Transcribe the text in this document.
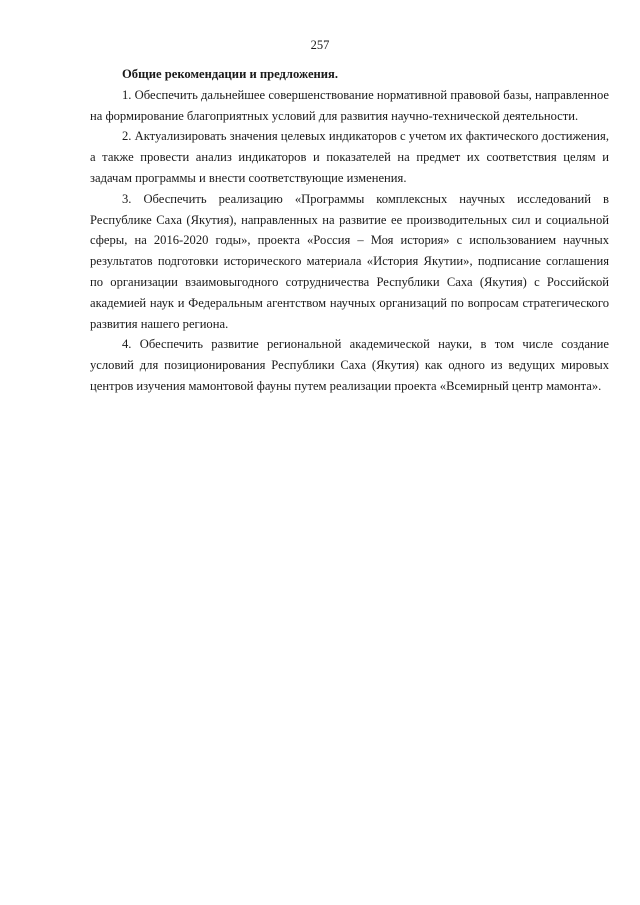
257

Общие рекомендации и предложения.

1. Обеспечить дальнейшее совершенствование нормативной правовой базы, направленное на формирование благоприятных условий для развития научно-технической деятельности.

2. Актуализировать значения целевых индикаторов с учетом их фактического достижения, а также провести анализ индикаторов и показателей на предмет их соответствия целям и задачам программы и внести соответствующие изменения.

3. Обеспечить реализацию «Программы комплексных научных исследований в Республике Саха (Якутия), направленных на развитие ее производительных сил и социальной сферы, на 2016-2020 годы», проекта «Россия – Моя история» с использованием научных результатов подготовки исторического материала «История Якутии», подписание соглашения по организации взаимовыгодного сотрудничества Республики Саха (Якутия) с Российской академией наук и Федеральным агентством научных организаций по вопросам стратегического развития нашего региона.

4. Обеспечить развитие региональной академической науки, в том числе создание условий для позиционирования Республики Саха (Якутия) как одного из ведущих мировых центров изучения мамонтовой фауны путем реализации проекта «Всемирный центр мамонта».
